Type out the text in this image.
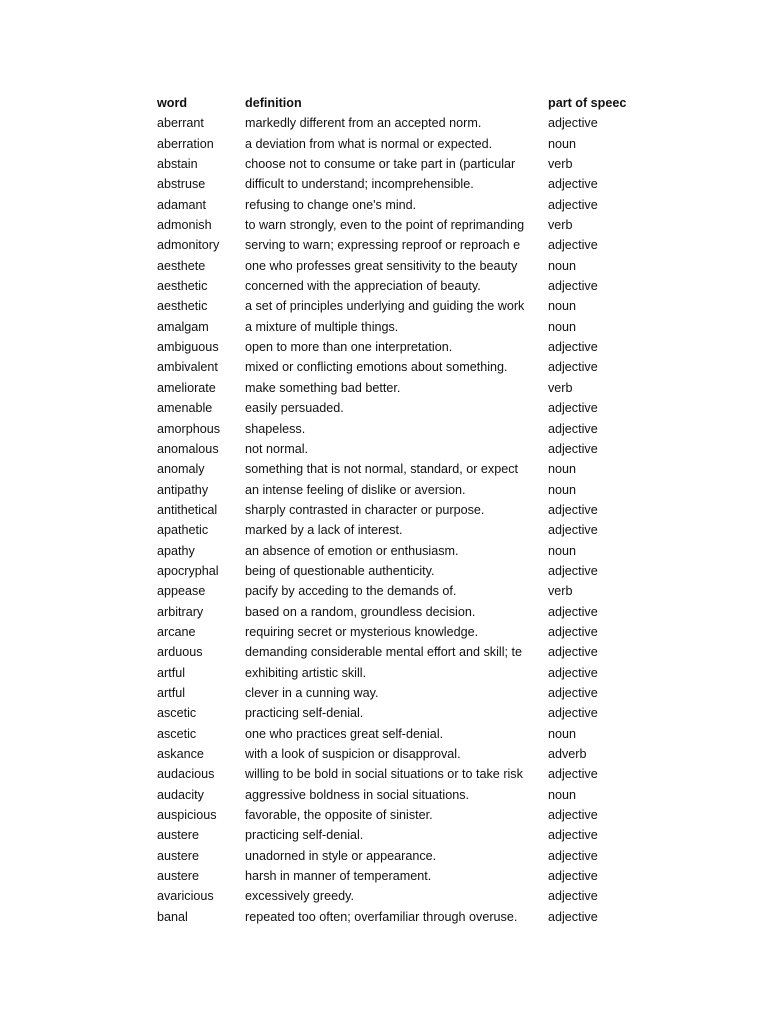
word	definition	part of speec
aberrant	markedly different from an accepted norm.	adjective
aberration	a deviation from what is normal or expected.	noun
abstain	choose not to consume or take part in (particular	verb
abstruse	difficult to understand; incomprehensible.	adjective
adamant	refusing to change one's mind.	adjective
admonish	to warn strongly, even to the point of reprimanding	verb
admonitory	serving to warn; expressing reproof or reproach e	adjective
aesthete	one who professes great sensitivity to the beauty	noun
aesthetic	concerned with the appreciation of beauty.	adjective
aesthetic	a set of principles underlying and guiding the work	noun
amalgam	a mixture of multiple things.	noun
ambiguous	open to more than one interpretation.	adjective
ambivalent	mixed or conflicting emotions about something.	adjective
ameliorate	make something bad better.	verb
amenable	easily persuaded.	adjective
amorphous	shapeless.	adjective
anomalous	not normal.	adjective
anomaly	something that is not normal, standard, or expect	noun
antipathy	an intense feeling of dislike or aversion.	noun
antithetical	sharply contrasted in character or purpose.	adjective
apathetic	marked by a lack of interest.	adjective
apathy	an absence of emotion or enthusiasm.	noun
apocryphal	being of questionable authenticity.	adjective
appease	pacify by acceding to the demands of.	verb
arbitrary	based on a random, groundless decision.	adjective
arcane	requiring secret or mysterious knowledge.	adjective
arduous	demanding considerable mental effort and skill; te	adjective
artful	exhibiting artistic skill.	adjective
artful	clever in a cunning way.	adjective
ascetic	practicing self-denial.	adjective
ascetic	one who practices great self-denial.	noun
askance	with a look of suspicion or disapproval.	adverb
audacious	willing to be bold in social situations or to take risk	adjective
audacity	aggressive boldness in social situations.	noun
auspicious	favorable, the opposite of sinister.	adjective
austere	practicing self-denial.	adjective
austere	unadorned in style or appearance.	adjective
austere	harsh in manner of temperament.	adjective
avaricious	excessively greedy.	adjective
banal	repeated too often; overfamiliar through overuse.	adjective
